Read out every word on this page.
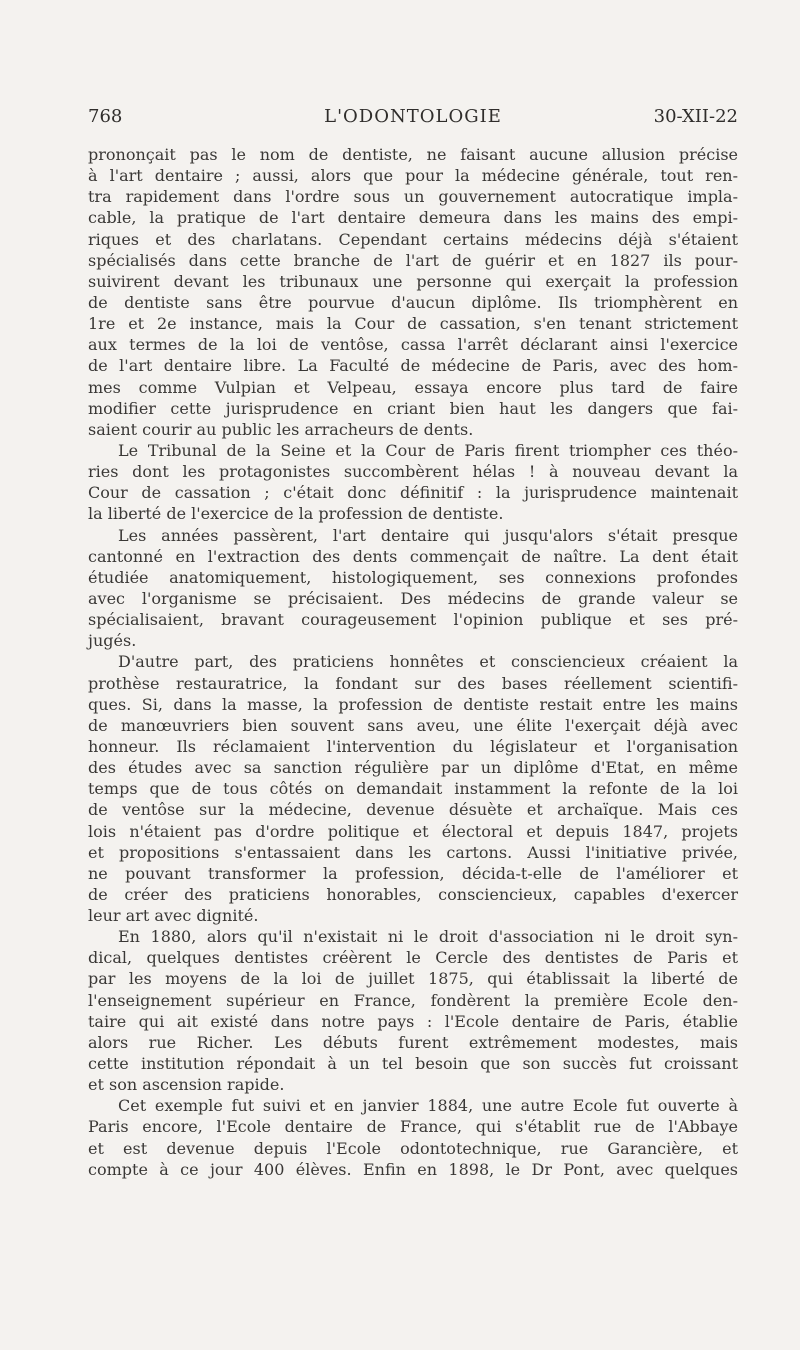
768	L'ODONTOLOGIE	30-XII-22
prononçait pas le nom de dentiste, ne faisant aucune allusion précise
à l'art dentaire ; aussi, alors que pour la médecine générale, tout ren-
tra rapidement dans l'ordre sous un gouvernement autocratique impla-
cable, la pratique de l'art dentaire demeura dans les mains des empi-
riques et des charlatans. Cependant certains médecins déjà s'étaient
spécialisés dans cette branche de l'art de guérir et en 1827 ils pour-
suivirent devant les tribunaux une personne qui exerçait la profession
de dentiste sans être pourvue d'aucun diplôme. Ils triomphèrent en
1re et 2e instance, mais la Cour de cassation, s'en tenant strictement
aux termes de la loi de ventôse, cassa l'arrêt déclarant ainsi l'exercice
de l'art dentaire libre. La Faculté de médecine de Paris, avec des hom-
mes comme Vulpian et Velpeau, essaya encore plus tard de faire
modifier cette jurisprudence en criant bien haut les dangers que fai-
saient courir au public les arracheurs de dents.
Le Tribunal de la Seine et la Cour de Paris firent triompher ces théo-
ries dont les protagonistes succombèrent hélas ! à nouveau devant la
Cour de cassation ; c'était donc définitif : la jurisprudence maintenait
la liberté de l'exercice de la profession de dentiste.
Les années passèrent, l'art dentaire qui jusqu'alors s'était presque
cantonné en l'extraction des dents commençait de naître. La dent était
étudiée anatomiquement, histologiquement, ses connexions profondes
avec l'organisme se précisaient. Des médecins de grande valeur se
spécialisaient, bravant courageusement l'opinion publique et ses pré-
jugés.
D'autre part, des praticiens honnêtes et consciencieux créaient la
prothèse restauratrice, la fondant sur des bases réellement scientifi-
ques. Si, dans la masse, la profession de dentiste restait entre les mains
de manœuvriers bien souvent sans aveu, une élite l'exerçait déjà avec
honneur. Ils réclamaient l'intervention du législateur et l'organisation
des études avec sa sanction régulière par un diplôme d'Etat, en même
temps que de tous côtés on demandait instamment la refonte de la loi
de ventôse sur la médecine, devenue désuète et archaïque. Mais ces
lois n'étaient pas d'ordre politique et électoral et depuis 1847, projets
et propositions s'entassaient dans les cartons. Aussi l'initiative privée,
ne pouvant transformer la profession, décida-t-elle de l'améliorer et
de créer des praticiens honorables, consciencieux, capables d'exercer
leur art avec dignité.
En 1880, alors qu'il n'existait ni le droit d'association ni le droit syn-
dical, quelques dentistes créèrent le Cercle des dentistes de Paris et
par les moyens de la loi de juillet 1875, qui établissait la liberté de
l'enseignement supérieur en France, fondèrent la première Ecole den-
taire qui ait existé dans notre pays : l'Ecole dentaire de Paris, établie
alors rue Richer. Les débuts furent extrêmement modestes, mais
cette institution répondait à un tel besoin que son succès fut croissant
et son ascension rapide.
Cet exemple fut suivi et en janvier 1884, une autre Ecole fut ouverte à
Paris encore, l'Ecole dentaire de France, qui s'établit rue de l'Abbaye
et est devenue depuis l'Ecole odontotechnique, rue Garancière, et
compte à ce jour 400 élèves. Enfin en 1898, le Dr Pont, avec quelques
